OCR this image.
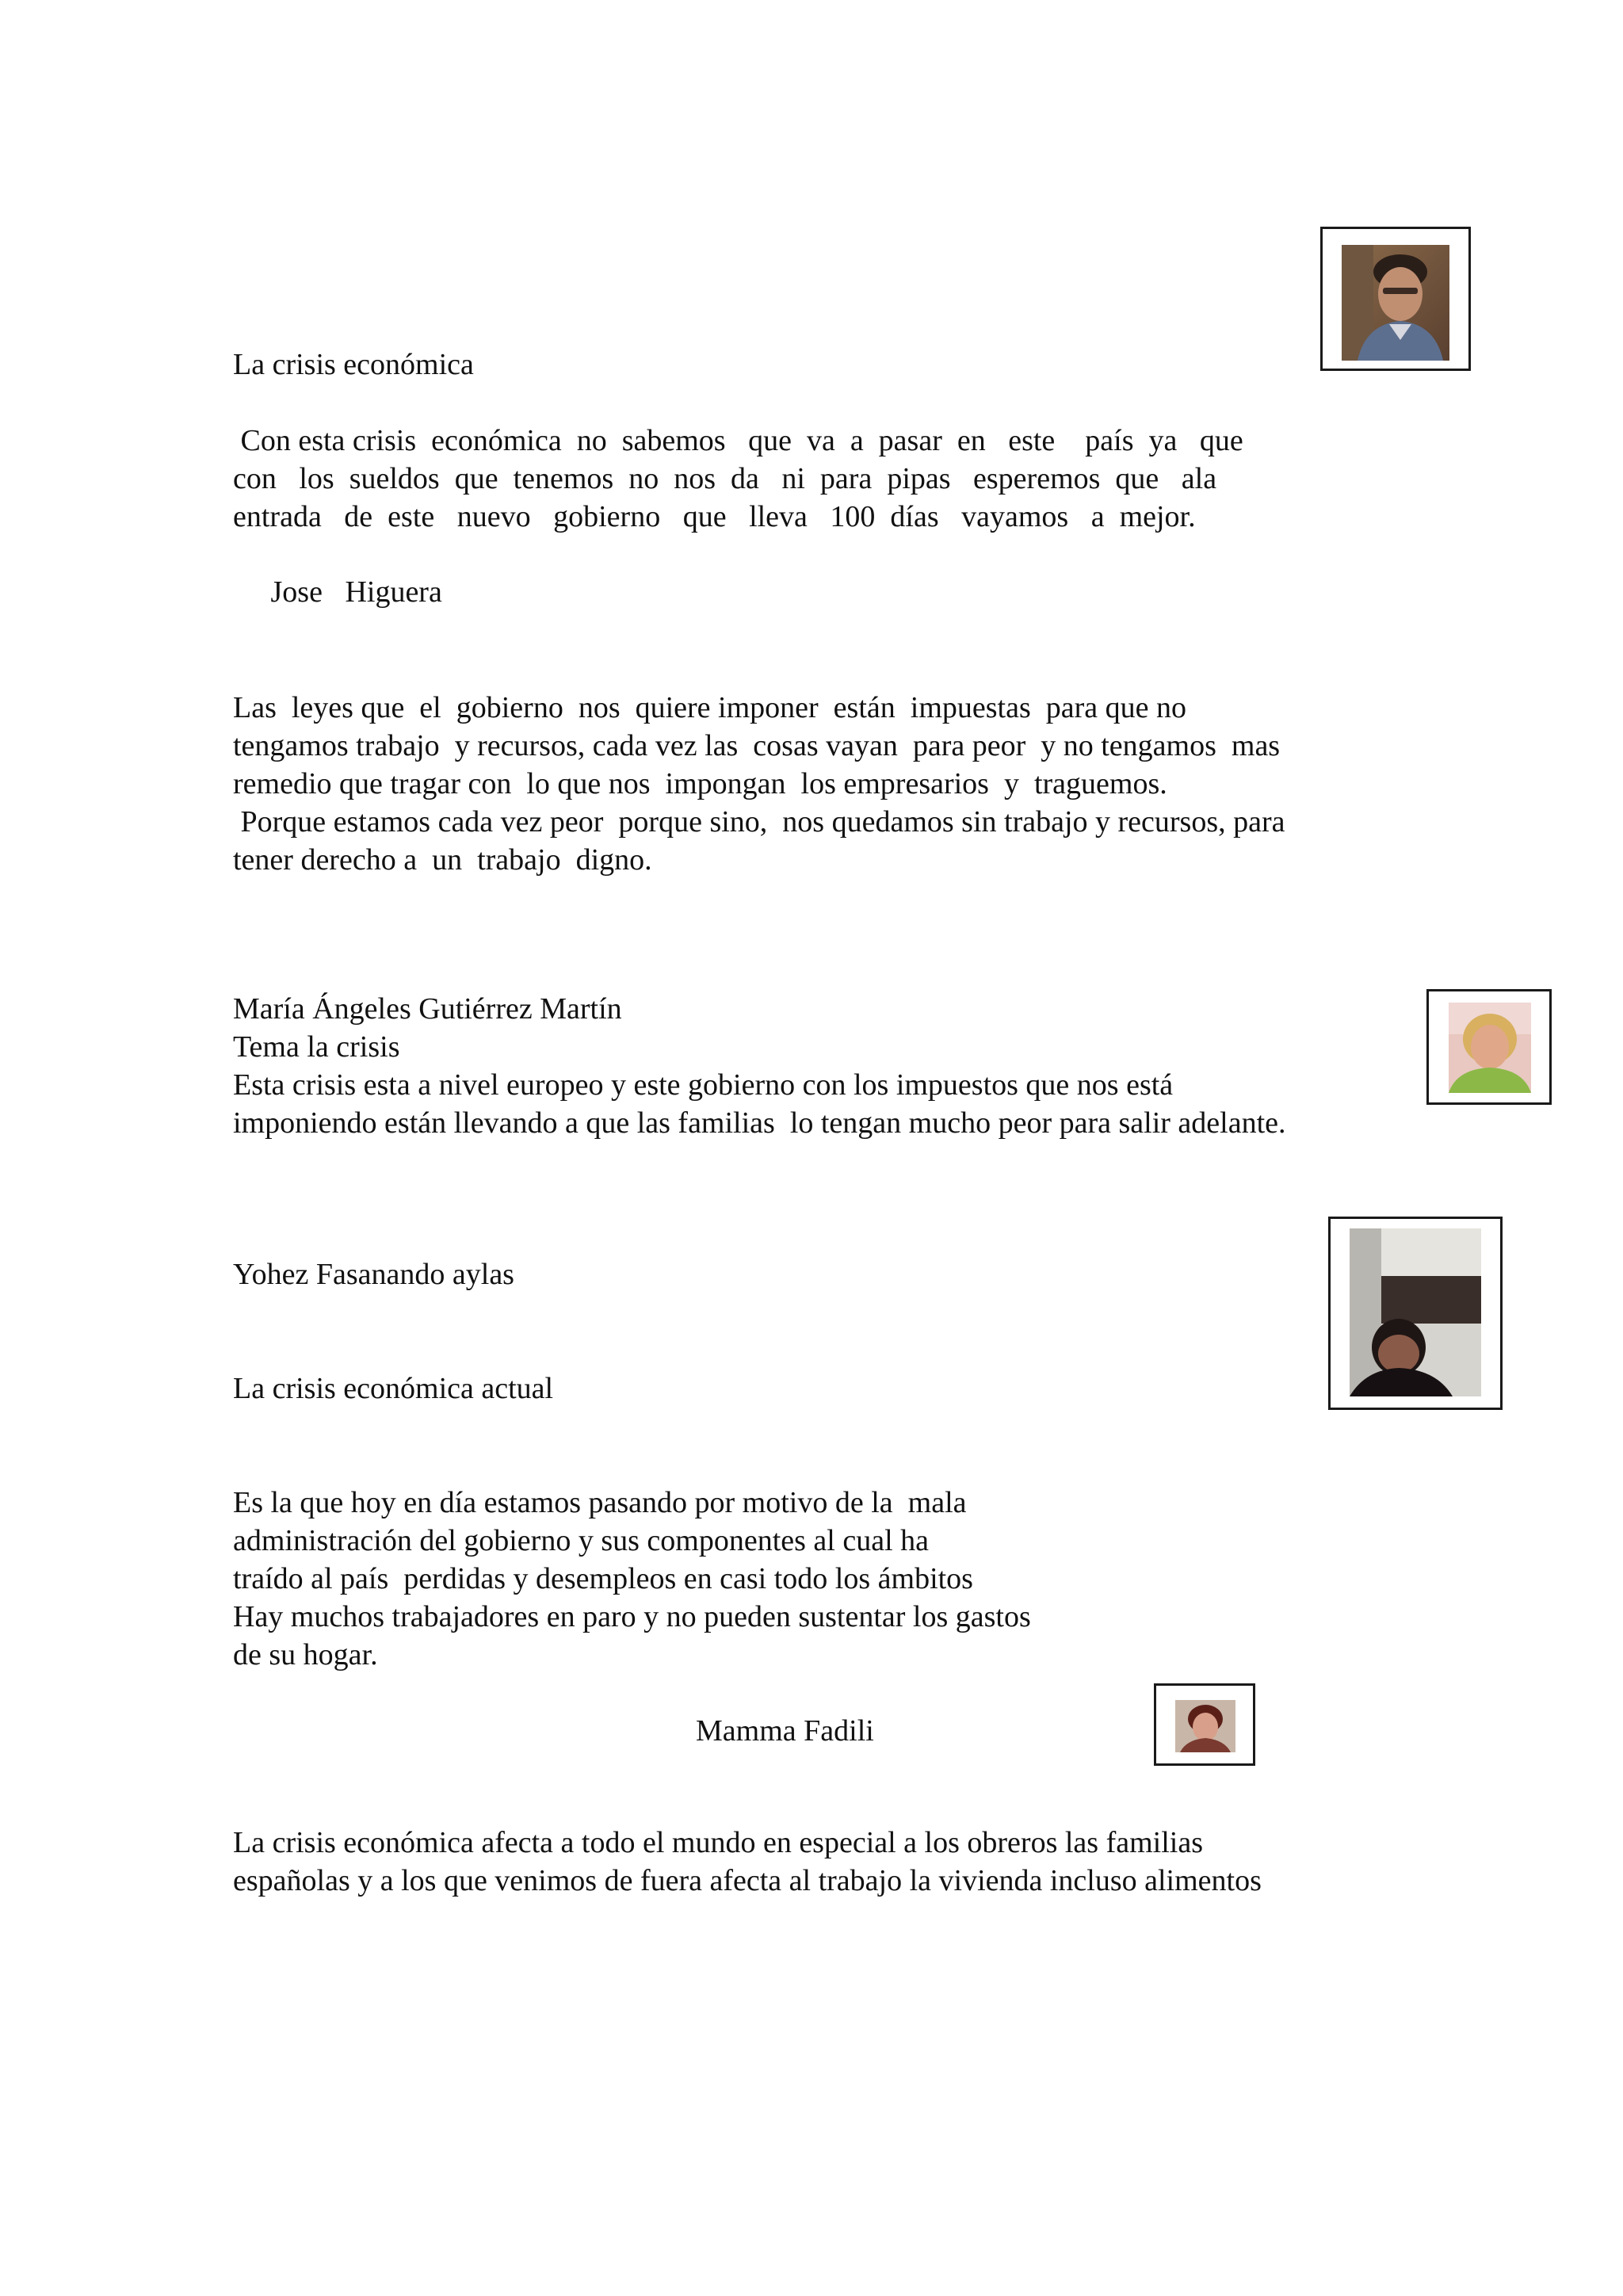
La crisis económica
Con esta crisis  económica  no  sabemos   que  va  a  pasar  en   este    país  ya   que
con   los  sueldos  que  tenemos  no  nos  da   ni  para  pipas   esperemos  que   ala
entrada   de  este   nuevo   gobierno   que   lleva   100  días   vayamos   a  mejor.
Jose   Higuera
Las  leyes que  el  gobierno  nos  quiere imponer  están  impuestas  para que no
tengamos trabajo  y recursos, cada vez las  cosas vayan  para peor  y no tengamos  mas
remedio que tragar con  lo que nos  impongan  los empresarios  y  traguemos.
Porque estamos cada vez peor  porque sino,  nos quedamos sin trabajo y recursos, para
tener derecho a  un  trabajo  digno.
María Ángeles Gutiérrez Martín
Tema la crisis
Esta crisis esta a nivel europeo y este gobierno con los impuestos que nos está
imponiendo están llevando a que las familias  lo tengan mucho peor para salir adelante.
Yohez Fasanando aylas
La crisis económica actual
Es la que hoy en día estamos pasando por motivo de la  mala
administración del gobierno y sus componentes al cual ha
traído al país  perdidas y desempleos en casi todo los ámbitos
Hay muchos trabajadores en paro y no pueden sustentar los gastos
de su hogar.
Mamma Fadili
La crisis económica afecta a todo el mundo en especial a los obreros las familias
españolas y a los que venimos de fuera afecta al trabajo la vivienda incluso alimentos
